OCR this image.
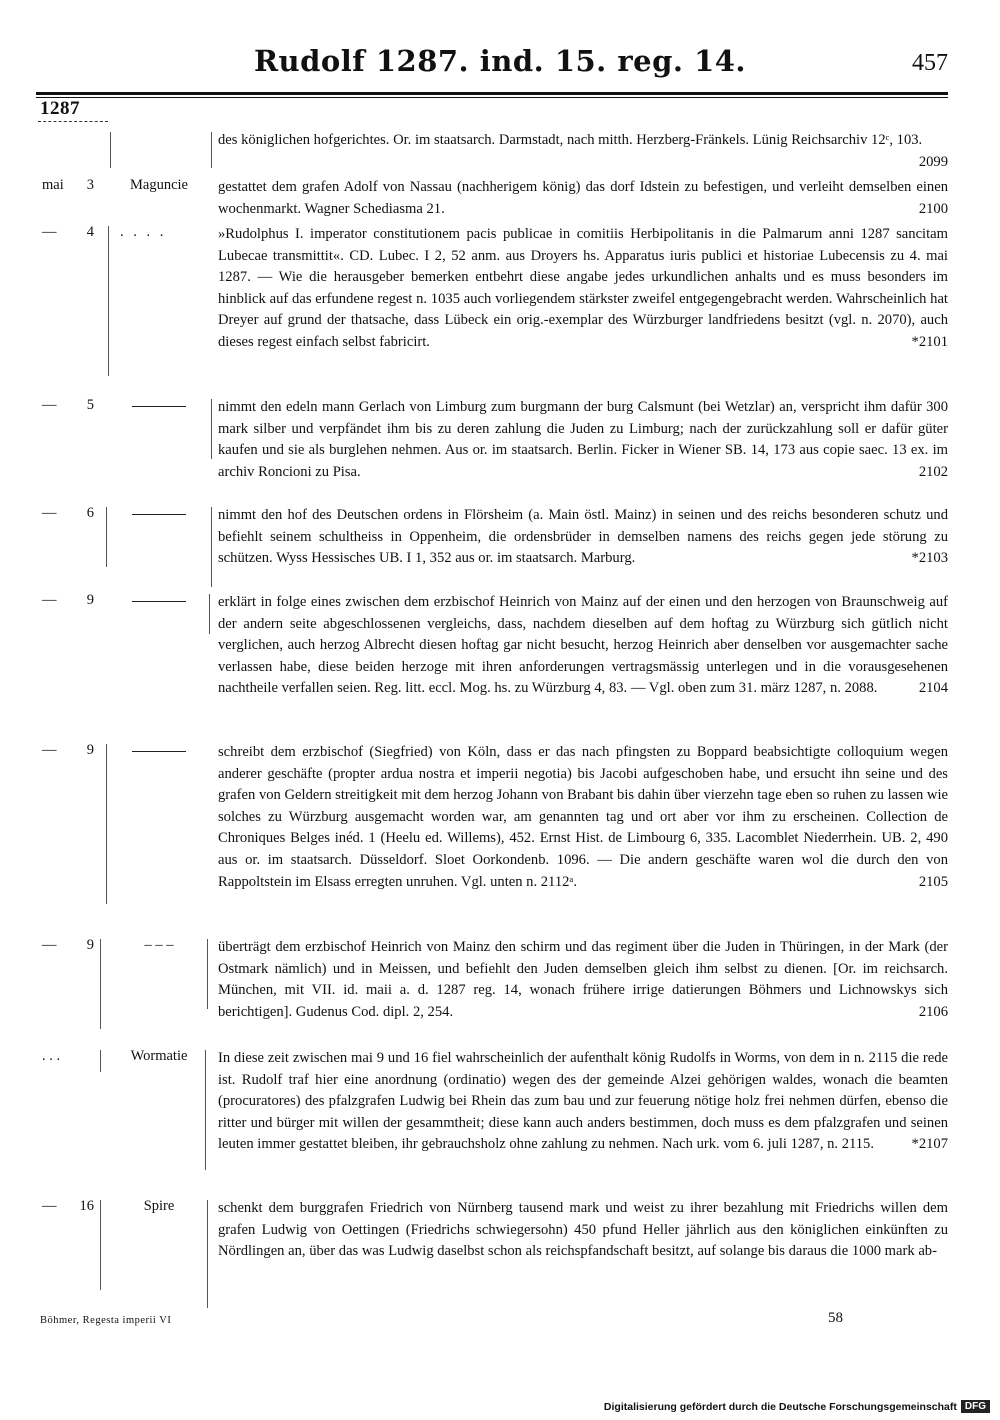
Rudolf 1287. ind. 15. reg. 14.	457
1287
des königlichen hofgerichtes. Or. im staatsarch. Darmstadt, nach mitth. Herzberg-Fränkels. Lünig Reichsarchiv 12ᶜ, 103.
2099
mai 3	Maguncie	gestattet dem grafen Adolf von Nassau (nachherigem könig) das dorf Idstein zu befestigen, und verleiht demselben einen wochenmarkt. Wagner Schediasma 21.	2100
— 4 . . . .	»Rudolphus I. imperator constitutionem pacis publicae in comitiis Herbipolitanis in die Palmarum anni 1287 sancitam Lubecae transmittit«. CD. Lubec. I 2, 52 anm. aus Droyers hs. Apparatus iuris publici et historiae Lubecensis zu 4. mai 1287. — Wie die herausgeber bemerken entbehrt diese angabe jedes urkundlichen anhalts und es muss besonders im hinblick auf das erfundene regest n. 1035 auch vorliegendem stärkster zweifel entgegengebracht werden. Wahrscheinlich hat Dreyer auf grund der thatsache, dass Lübeck ein orig.-exemplar des Würzburger landfriedens besitzt (vgl. n. 2070), auch dieses regest einfach selbst fabricirt.	*2101
— 5	nimmt den edeln mann Gerlach von Limburg zum burgmann der burg Calsmunt (bei Wetzlar) an, verspricht ihm dafür 300 mark silber und verpfändet ihm bis zu deren zahlung die Juden zu Limburg; nach der zurückzahlung soll er dafür güter kaufen und sie als burglehen nehmen. Aus or. im staatsarch. Berlin. Ficker in Wiener SB. 14, 173 aus copie saec. 13 ex. im archiv Roncioni zu Pisa.	2102
— 6	nimmt den hof des Deutschen ordens in Flörsheim (a. Main östl. Mainz) in seinen und des reichs besonderen schutz und befiehlt seinem schultheiss in Oppenheim, die ordensbrüder in demselben namens des reichs gegen jede störung zu schützen. Wyss Hessisches UB. I 1, 352 aus or. im staatsarch. Marburg.	*2103
— 9	erklärt in folge eines zwischen dem erzbischof Heinrich von Mainz auf der einen und den herzogen von Braunschweig auf der andern seite abgeschlossenen vergleichs, dass, nachdem dieselben auf dem hoftag zu Würzburg sich gütlich nicht verglichen, auch herzog Albrecht diesen hoftag gar nicht besucht, herzog Heinrich aber denselben vor ausgemachter sache verlassen habe, diese beiden herzoge mit ihren anforderungen vertragsmässig unterlegen und in die vorausgesehenen nachtheile verfallen seien. Reg. litt. eccl. Mog. hs. zu Würzburg 4, 83. — Vgl. oben zum 31. märz 1287, n. 2088.	2104
— 9	schreibt dem erzbischof (Siegfried) von Köln, dass er das nach pfingsten zu Boppard beabsichtigte colloquium wegen anderer geschäfte (propter ardua nostra et imperii negotia) bis Jacobi aufgeschoben habe, und ersucht ihn seine und des grafen von Geldern streitigkeit mit dem herzog Johann von Brabant bis dahin über vierzehn tage eben so ruhen zu lassen wie solches zu Würzburg ausgemacht worden war, am genannten tag und ort aber vor ihm zu erscheinen. Collection de Chroniques Belges inéd. 1 (Heelu ed. Willems), 452. Ernst Hist. de Limbourg 6, 335. Lacomblet Niederrhein. UB. 2, 490 aus or. im staatsarch. Düsseldorf. Sloet Oorkondenb. 1096. — Die andern geschäfte waren wol die durch den von Rappoltstein im Elsass erregten unruhen. Vgl. unten n. 2112ᵃ.	2105
— 9	– – –	überträgt dem erzbischof Heinrich von Mainz den schirm und das regiment über die Juden in Thüringen, in der Mark (der Ostmark nämlich) und in Meissen, und befiehlt den Juden demselben gleich ihm selbst zu dienen. [Or. im reichsarch. München, mit VII. id. maii a. d. 1287 reg. 14, wonach frühere irrige datierungen Böhmers und Lichnowskys sich berichtigen]. Gudenus Cod. dipl. 2, 254.	2106
. . .	Wormatie	In diese zeit zwischen mai 9 und 16 fiel wahrscheinlich der aufenthalt könig Rudolfs in Worms, von dem in n. 2115 die rede ist. Rudolf traf hier eine anordnung (ordinatio) wegen des der gemeinde Alzei gehörigen waldes, wonach die beamten (procuratores) des pfalzgrafen Ludwig bei Rhein das zum bau und zur feuerung nötige holz frei nehmen dürfen, ebenso die ritter und bürger mit willen der gesammtheit; diese kann auch anders bestimmen, doch muss es dem pfalzgrafen und seinen leuten immer gestattet bleiben, ihr gebrauchsholz ohne zahlung zu nehmen. Nach urk. vom 6. juli 1287, n. 2115.	*2107
— 16	Spire	schenkt dem burggrafen Friedrich von Nürnberg tausend mark und weist zu ihrer bezahlung mit Friedrichs willen dem grafen Ludwig von Oettingen (Friedrichs schwiegersohn) 450 pfund Heller jährlich aus den königlichen einkünften zu Nördlingen an, über das was Ludwig daselbst schon als reichspfandschaft besitzt, auf solange bis daraus die 1000 mark ab-
Böhmer, Regesta imperii VI	58
Digitalisierung gefördert durch die Deutsche Forschungsgemeinschaft DFG
